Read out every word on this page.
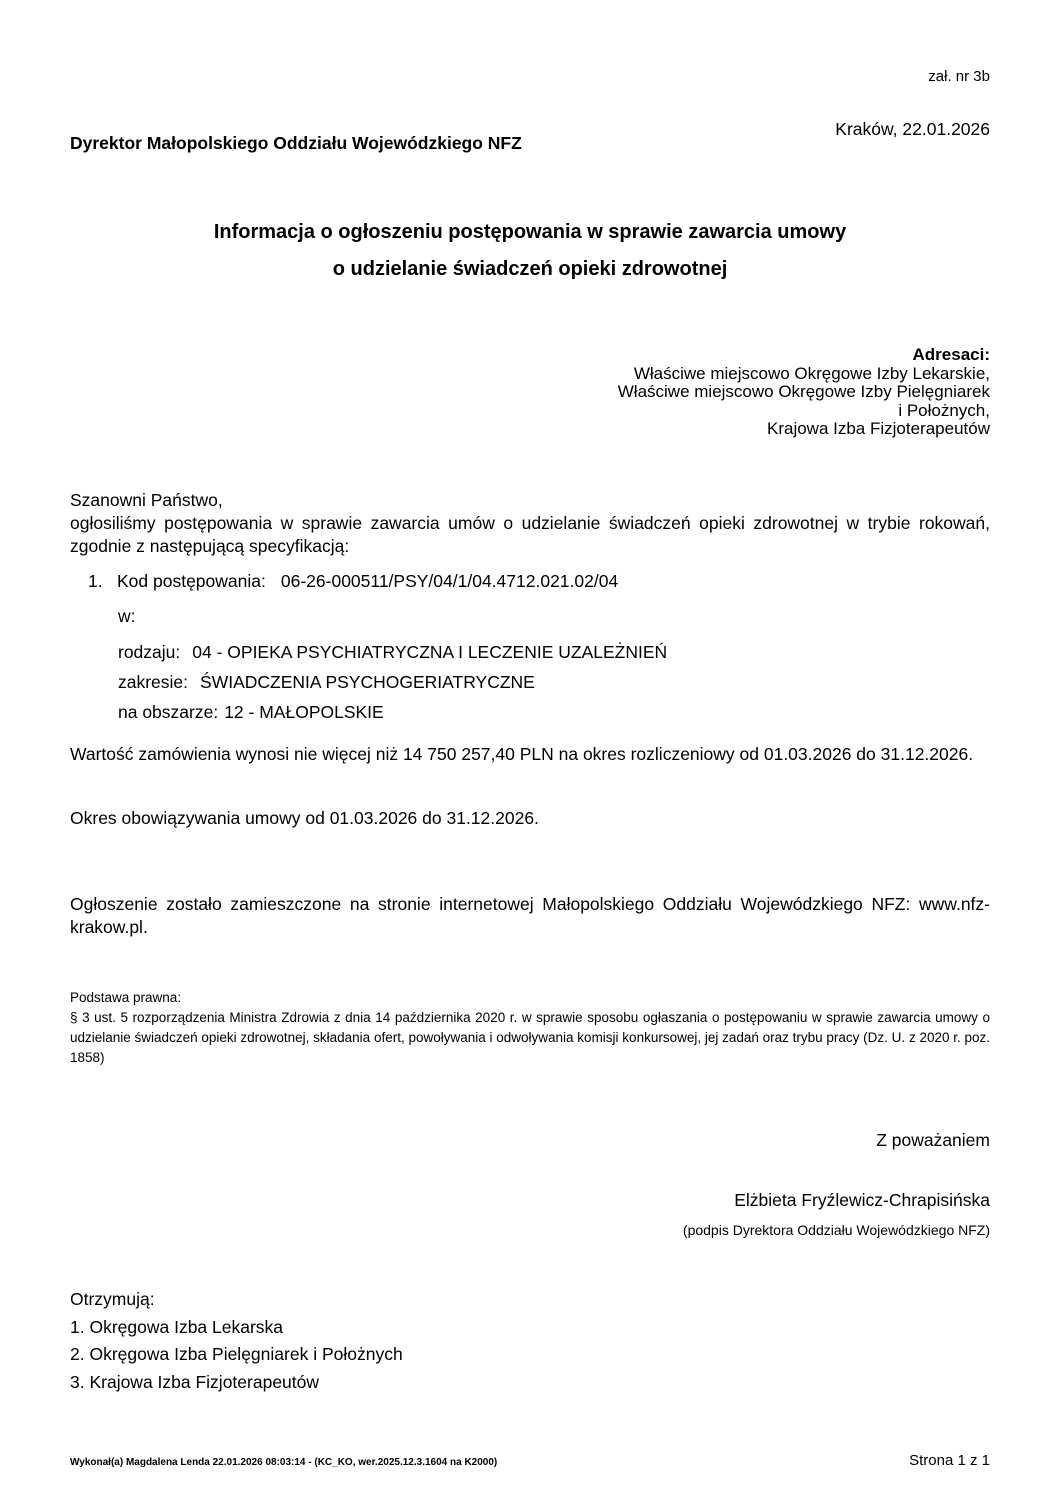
zał. nr 3b
Kraków, 22.01.2026
Dyrektor Małopolskiego Oddziału Wojewódzkiego NFZ
Informacja o ogłoszeniu postępowania w sprawie zawarcia umowy
o udzielanie świadczeń opieki zdrowotnej
Adresaci:
Właściwe miejscowo Okręgowe Izby Lekarskie,
Właściwe miejscowo Okręgowe Izby Pielęgniarek
i Położnych,
Krajowa Izba Fizjoterapeutów
Szanowni Państwo,

ogłosiliśmy postępowania w sprawie zawarcia umów o udzielanie świadczeń opieki zdrowotnej w trybie rokowań, zgodnie z następującą specyfikacją:

1. Kod postępowania: 06-26-000511/PSY/04/1/04.4712.021.02/04
w:
rodzaju: 04 - OPIEKA PSYCHIATRYCZNA I LECZENIE UZALEŻNIEŃ
zakresie: ŚWIADCZENIA PSYCHOGERIATRYCZNE
na obszarze: 12 - MAŁOPOLSKIE
Wartość zamówienia wynosi nie więcej niż 14 750 257,40 PLN na okres rozliczeniowy od 01.03.2026 do 31.12.2026.
Okres obowiązywania umowy od 01.03.2026 do 31.12.2026.
Ogłoszenie zostało zamieszczone na stronie internetowej Małopolskiego Oddziału Wojewódzkiego NFZ: www.nfz-krakow.pl.
Podstawa prawna:

§ 3 ust. 5 rozporządzenia Ministra Zdrowia z dnia 14 października 2020 r. w sprawie sposobu ogłaszania o postępowaniu w sprawie zawarcia umowy o udzielanie świadczeń opieki zdrowotnej, składania ofert, powoływania i odwoływania komisji konkursowej, jej zadań oraz trybu pracy (Dz. U. z 2020 r. poz. 1858)

Z poważaniem
Elżbieta Fryźlewicz-Chrapisińska
(podpis Dyrektora Oddziału Wojewódzkiego NFZ)
Otrzymują:
1. Okręgowa Izba Lekarska
2. Okręgowa Izba Pielęgniarek i Położnych
3. Krajowa Izba Fizjoterapeutów
Wykonał(a) Magdalena Lenda 22.01.2026 08:03:14 - (KC_KO, wer.2025.12.3.1604 na K2000)	Strona 1 z 1
